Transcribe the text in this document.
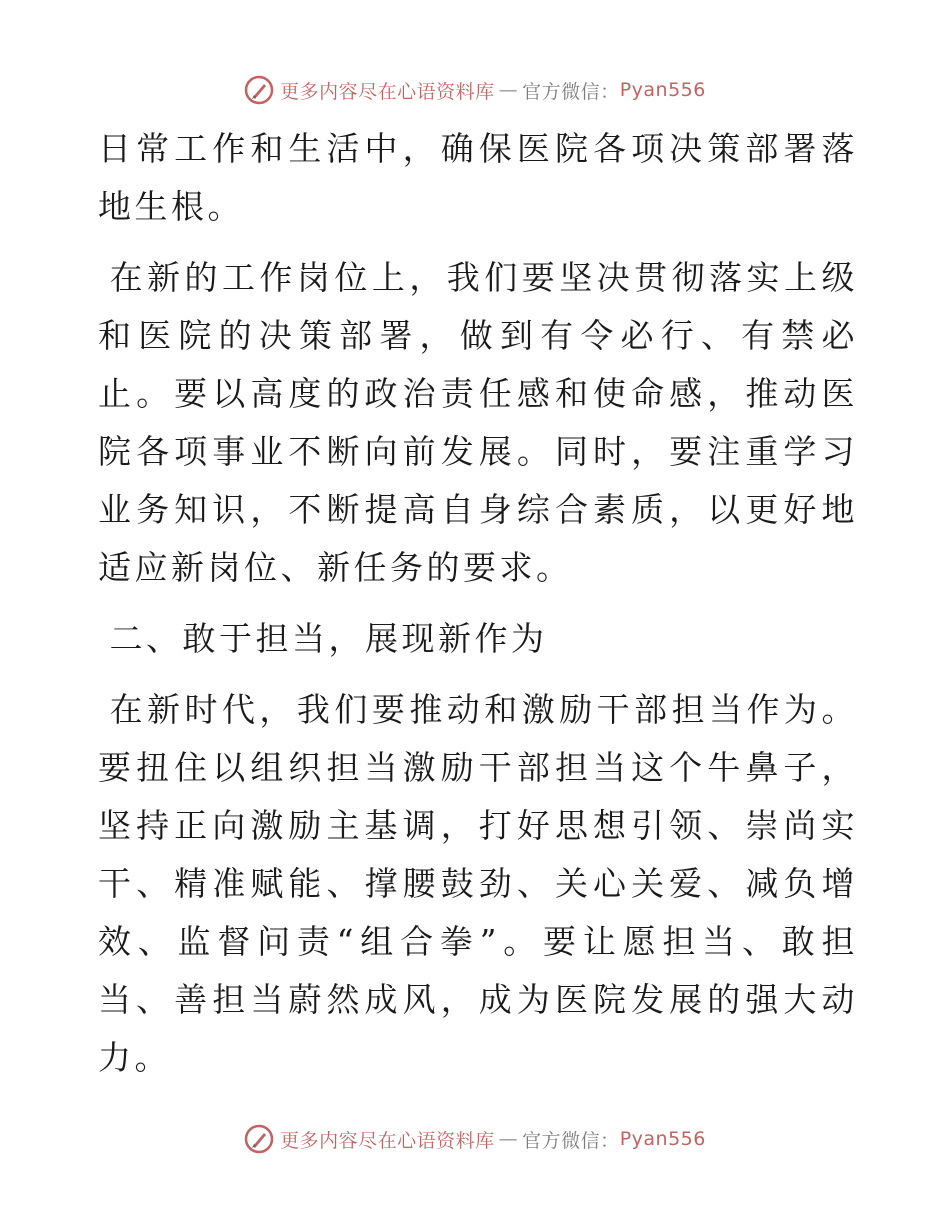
更多内容尽在心语资料库 — 官方微信： Pyan556

日常工作和生活中，确保医院各项决策部署落地生根。

在新的工作岗位上，我们要坚决贯彻落实上级和医院的决策部署，做到有令必行、有禁必止。要以高度的政治责任感和使命感，推动医院各项事业不断向前发展。同时，要注重学习业务知识，不断提高自身综合素质，以更好地适应新岗位、新任务的要求。

二、敢于担当，展现新作为

在新时代，我们要推动和激励干部担当作为。要扭住以组织担当激励干部担当这个牛鼻子，坚持正向激励主基调，打好思想引领、崇尚实干、精准赋能、撑腰鼓劲、关心关爱、减负增效、监督问责“组合拳”。要让愿担当、敢担当、善担当蔚然成风，成为医院发展的强大动力。

更多内容尽在心语资料库 — 官方微信： Pyan556
